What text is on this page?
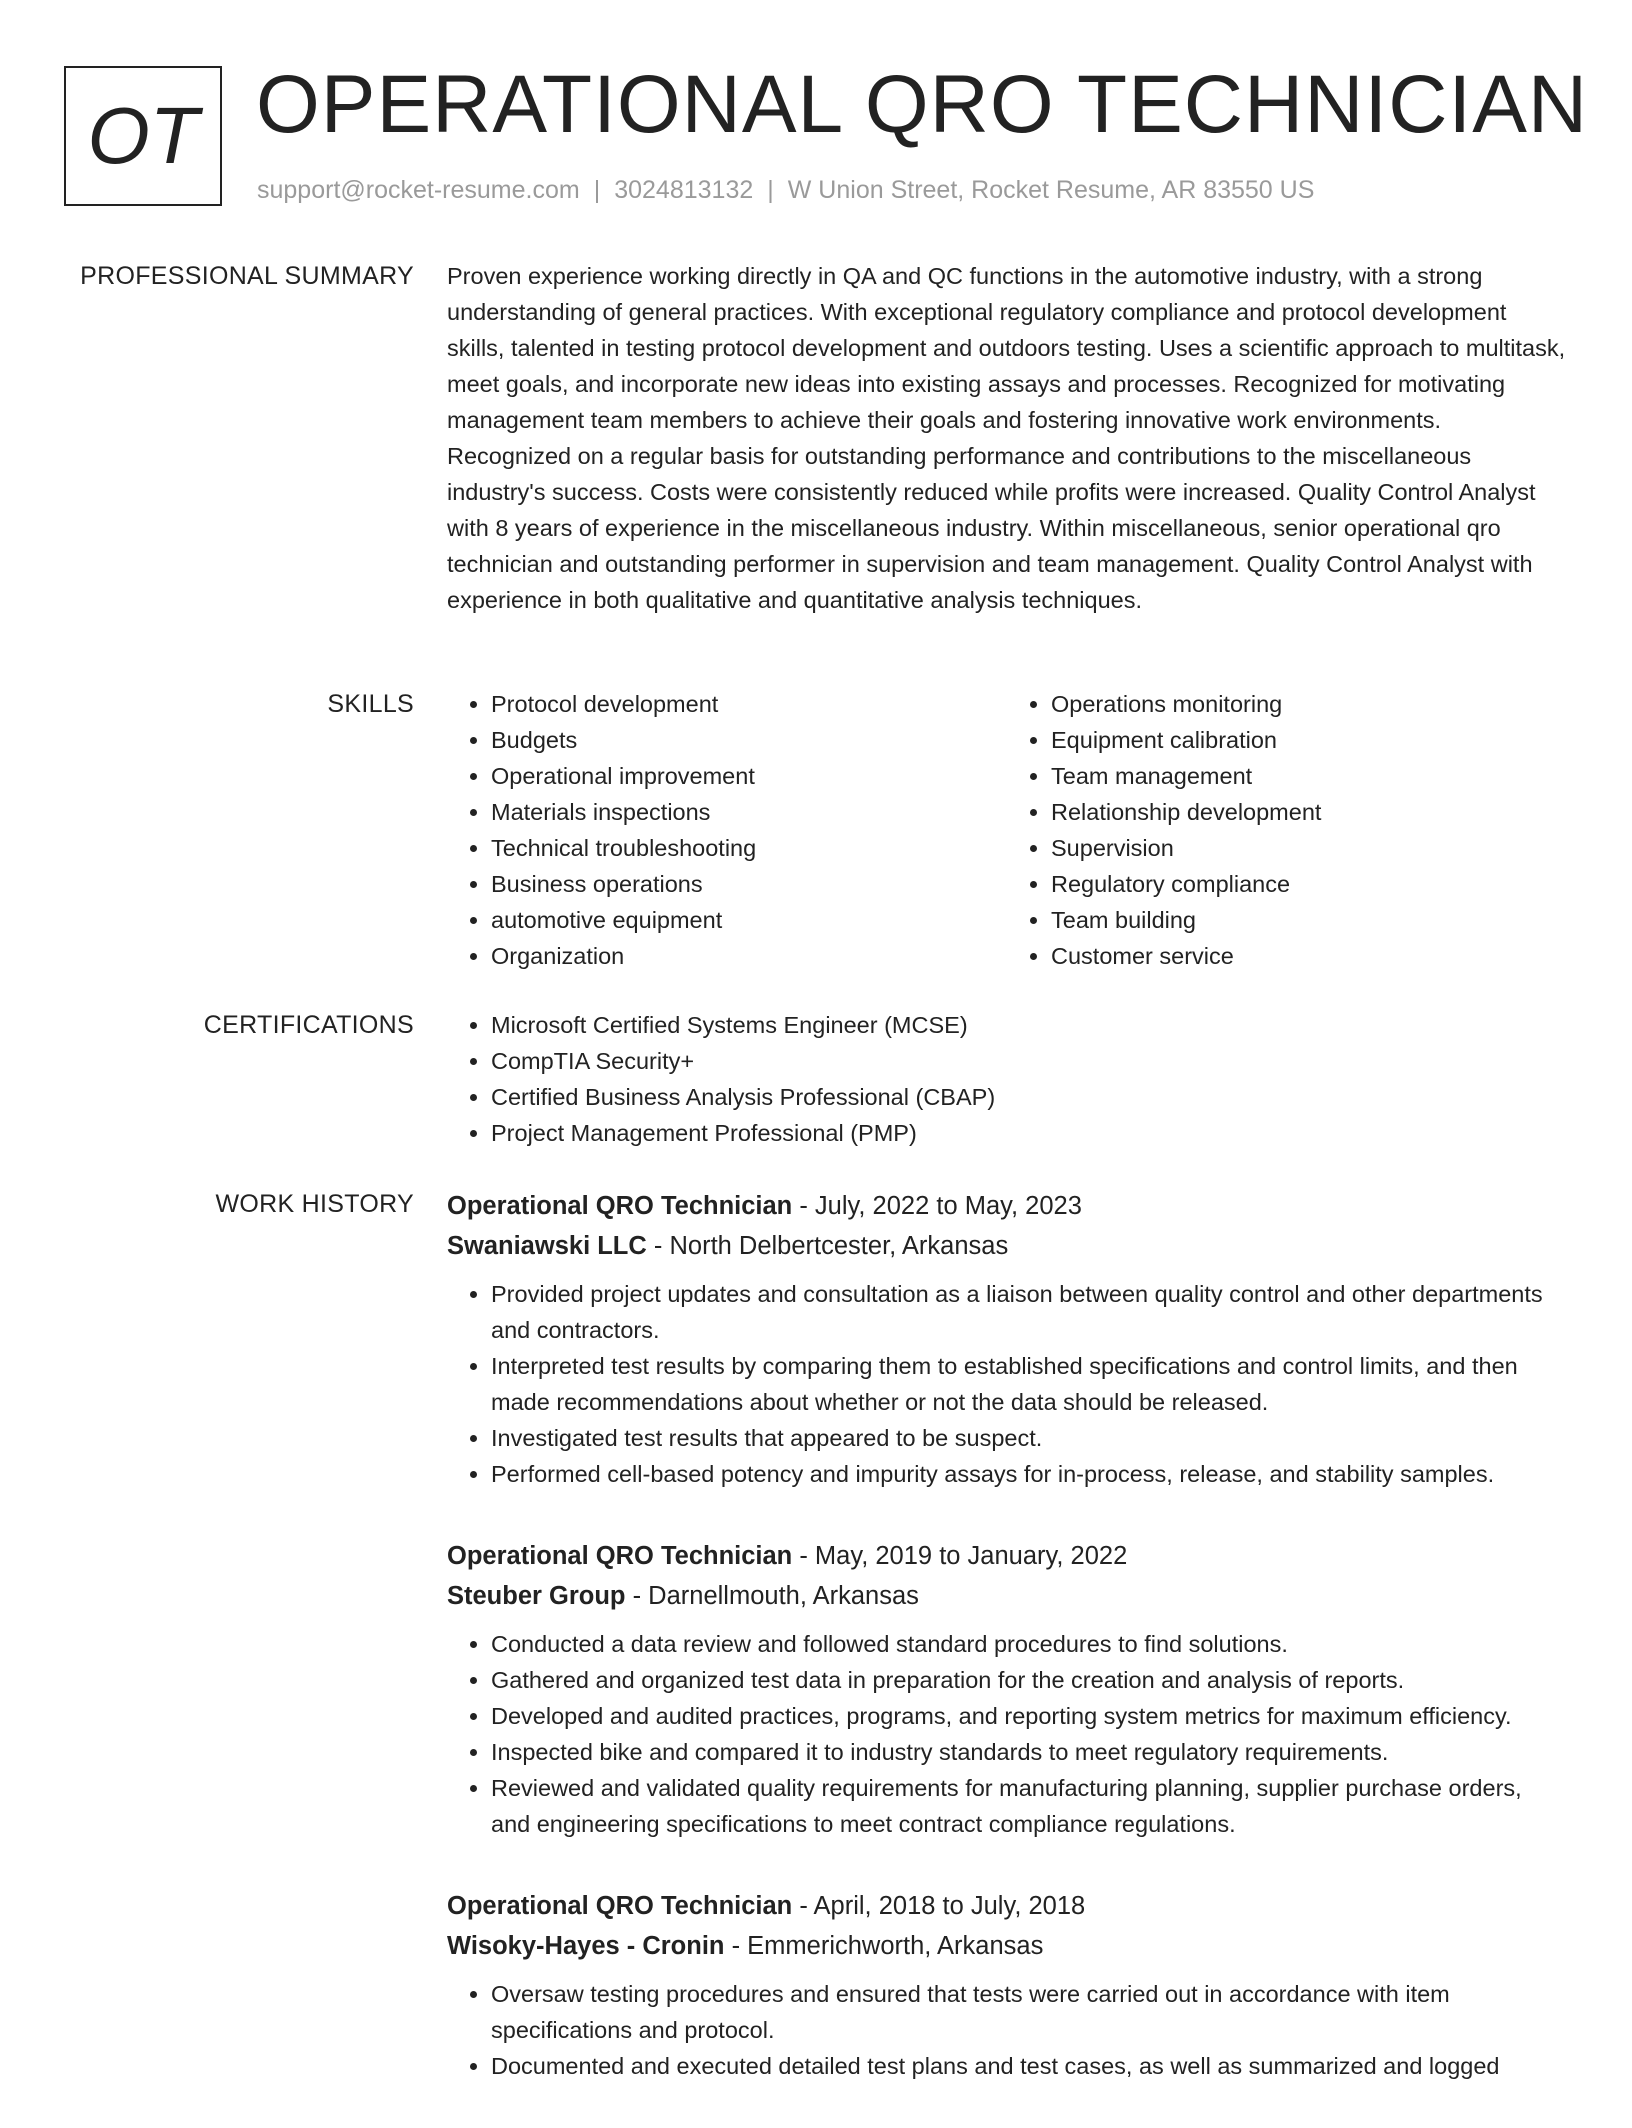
OT OPERATIONAL QRO TECHNICIAN
support@rocket-resume.com | 3024813132 | W Union Street, Rocket Resume, AR 83550 US
PROFESSIONAL SUMMARY Proven experience working directly in QA and QC functions in the automotive industry, with a strong understanding of general practices. With exceptional regulatory compliance and protocol development skills, talented in testing protocol development and outdoors testing. Uses a scientific approach to multitask, meet goals, and incorporate new ideas into existing assays and processes. Recognized for motivating management team members to achieve their goals and fostering innovative work environments. Recognized on a regular basis for outstanding performance and contributions to the miscellaneous industry's success. Costs were consistently reduced while profits were increased. Quality Control Analyst with 8 years of experience in the miscellaneous industry. Within miscellaneous, senior operational qro technician and outstanding performer in supervision and team management. Quality Control Analyst with experience in both qualitative and quantitative analysis techniques.

SKILLS	• Protocol development
• Budgets
• Operational improvement
• Materials inspections
• Technical troubleshooting
• Business operations
• automotive equipment
• Organization
• Operations monitoring
• Equipment calibration
• Team management
• Relationship development
• Supervision
• Regulatory compliance
• Team building
• Customer service
CERTIFICATIONS	• Microsoft Certified Systems Engineer (MCSE)
• CompTIA Security+
• Certified Business Analysis Professional (CBAP)
• Project Management Professional (PMP)
WORK HISTORY Operational QRO Technician - July, 2022 to May, 2023
Swaniawski LLC - North Delbertcester, Arkansas
• Provided project updates and consultation as a liaison between quality control and other departments and contractors.
• Interpreted test results by comparing them to established specifications and control limits, and then made recommendations about whether or not the data should be released.
• Investigated test results that appeared to be suspect.
• Performed cell-based potency and impurity assays for in-process, release, and stability samples.
Operational QRO Technician - May, 2019 to January, 2022
Steuber Group - Darnellmouth, Arkansas
• Conducted a data review and followed standard procedures to find solutions.
• Gathered and organized test data in preparation for the creation and analysis of reports.
• Developed and audited practices, programs, and reporting system metrics for maximum efficiency.
• Inspected bike and compared it to industry standards to meet regulatory requirements.
• Reviewed and validated quality requirements for manufacturing planning, supplier purchase orders, and engineering specifications to meet contract compliance regulations.
Operational QRO Technician - April, 2018 to July, 2018
Wisoky-Hayes - Cronin - Emmerichworth, Arkansas
• Oversaw testing procedures and ensured that tests were carried out in accordance with item specifications and protocol.
• Documented and executed detailed test plans and test cases, as well as summarized and logged
